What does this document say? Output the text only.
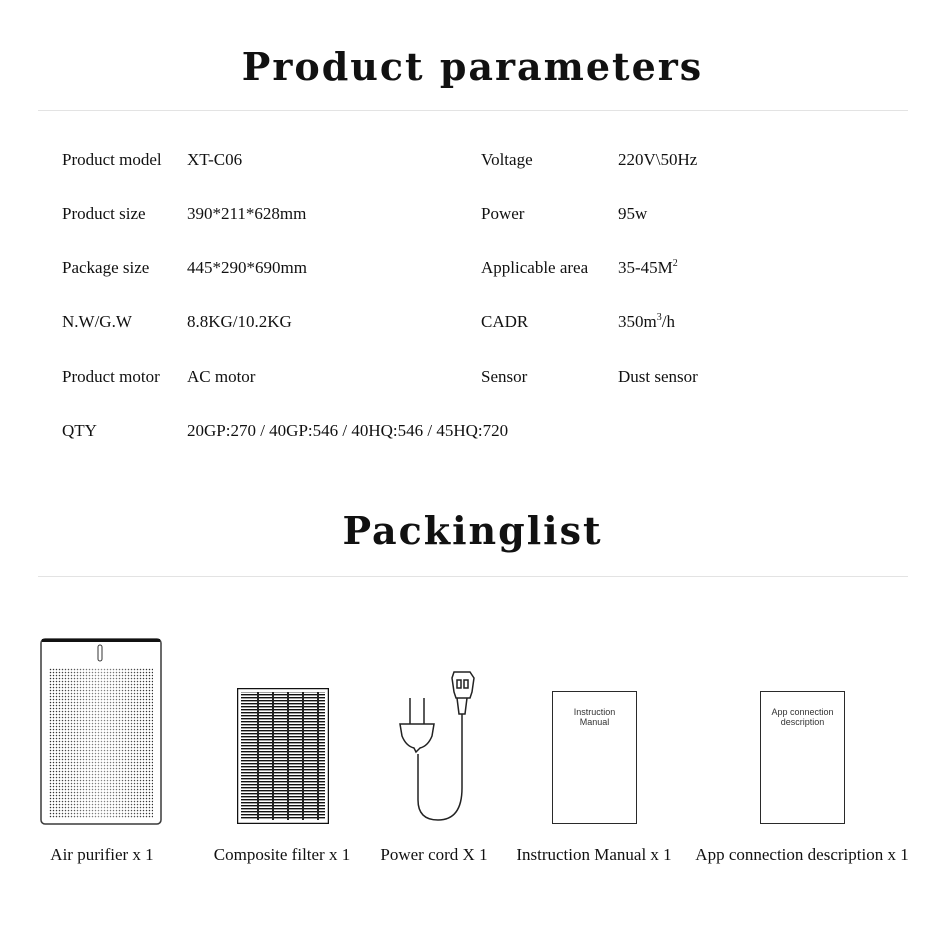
Product parameters
Product model XT-C06	Voltage	220V\50Hz
Product size 390*211*628mm	Power	95w
Package size 445*290*690mm	Applicable area $35-45M^2$
N.W/G.W	8.8KG/10.2KG	CADR	$350m^3/h$
Product motor AC motor	Sensor	Dust sensor
QTY	20GP:270 / 40GP:546 / 40HQ:546 / 45HQ:720
Packinglist
Instruction
Manual
App connection
description
Air purifier x 1	Composite filter x 1	Power cord X 1	Instruction Manual x 1	App connection description x 1
